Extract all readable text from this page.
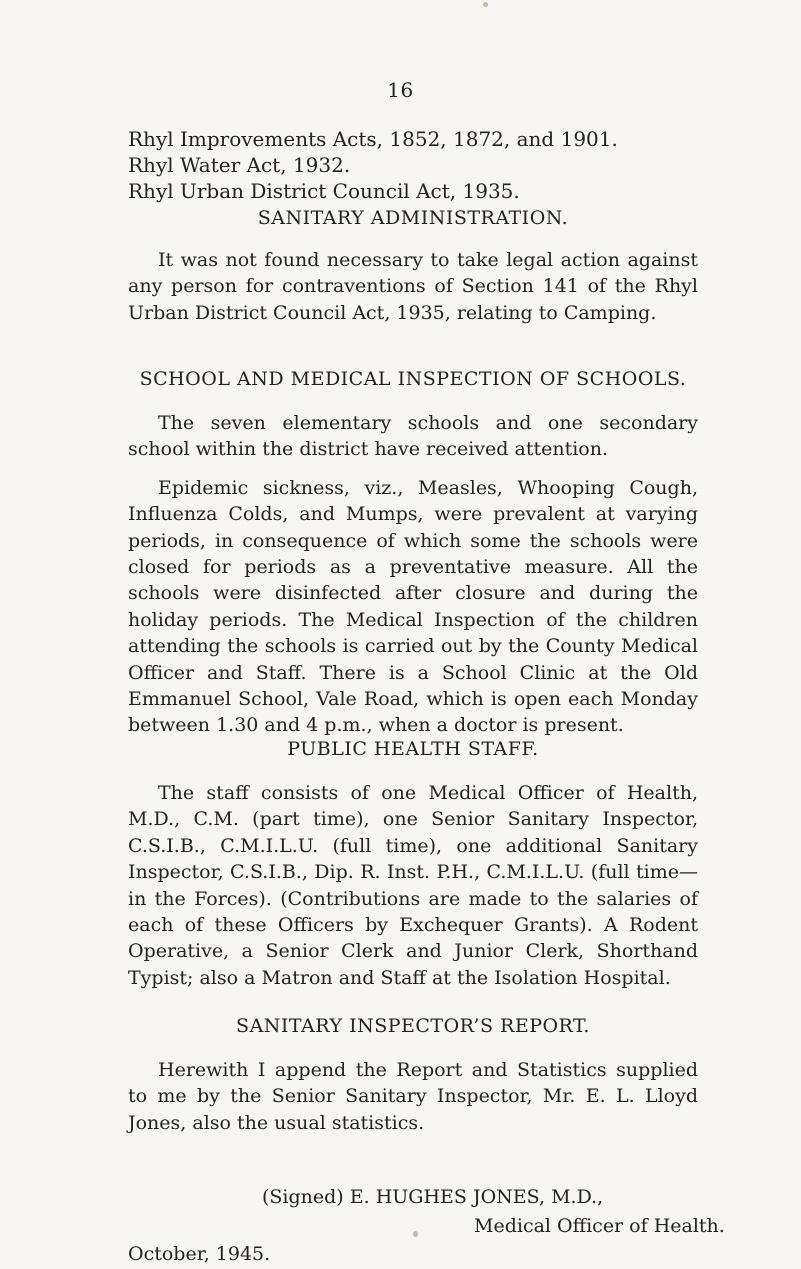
16
Rhyl Improvements Acts, 1852, 1872, and 1901.
Rhyl Water Act, 1932.
Rhyl Urban District Council Act, 1935.
SANITARY ADMINISTRATION.

It was not found necessary to take legal action against any person for contraventions of Section 141 of the Rhyl Urban District Council Act, 1935, relating to Camping.

SCHOOL AND MEDICAL INSPECTION OF SCHOOLS.

The seven elementary schools and one secondary school within the district have received attention.

Epidemic sickness, viz., Measles, Whooping Cough, Influenza Colds, and Mumps, were prevalent at varying periods, in consequence of which some the schools were closed for periods as a preventative measure. All the schools were disinfected after closure and during the holiday periods. The Medical Inspection of the children attending the schools is carried out by the County Medical Officer and Staff. There is a School Clinic at the Old Emmanuel School, Vale Road, which is open each Monday between 1.30 and 4 p.m., when a doctor is present.

PUBLIC HEALTH STAFF.

The staff consists of one Medical Officer of Health, M.D., C.M. (part time), one Senior Sanitary Inspector, C.S.I.B., C.M.I.L.U. (full time), one additional Sanitary Inspector, C.S.I.B., Dip. R. Inst. P.H., C.M.I.L.U. (full time—in the Forces). (Contributions are made to the salaries of each of these Officers by Exchequer Grants). A Rodent Operative, a Senior Clerk and Junior Clerk, Shorthand Typist; also a Matron and Staff at the Isolation Hospital.

SANITARY INSPECTOR’S REPORT.

Herewith I append the Report and Statistics supplied to me by the Senior Sanitary Inspector, Mr. E. L. Lloyd Jones, also the usual statistics.

(Signed) E. HUGHES JONES, M.D.,
Medical Officer of Health.
October, 1945.
